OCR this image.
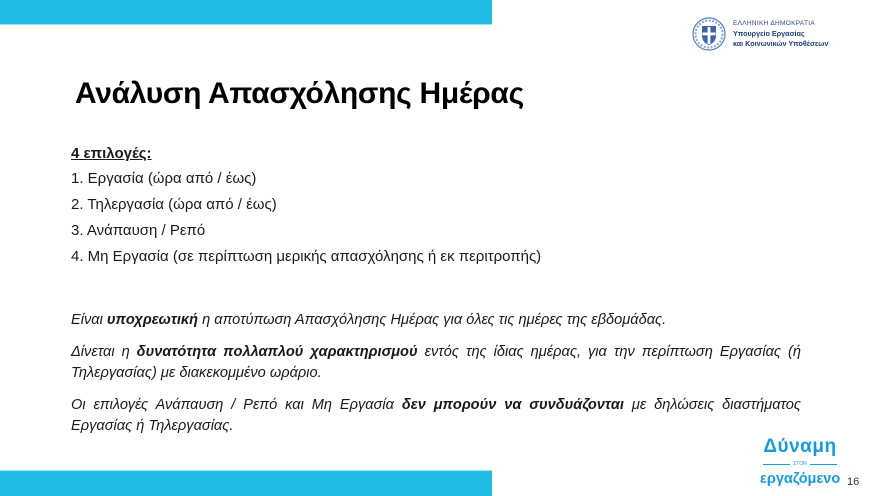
ΕΛΛΗΝΙΚΗ ΔΗΜΟΚΡΑΤΙΑ
Υπουργείο Εργασίας
και Κοινωνικών Υποθέσεων
Ανάλυση Απασχόλησης Ημέρας
4 επιλογές:
1. Εργασία (ώρα από / έως)
2. Τηλεργασία (ώρα από / έως)
3. Ανάπαυση / Ρεπό
4. Μη Εργασία (σε περίπτωση μερικής απασχόλησης ή εκ περιτροπής)

Είναι υποχρεωτική η αποτύπωση Απασχόλησης Ημέρας για όλες τις ημέρες της εβδομάδας.

Δίνεται η δυνατότητα πολλαπλού χαρακτηρισμού εντός της ίδιας ημέρας, για την περίπτωση Εργασίας (ή Τηλεργασίας) με διακεκομμένο ωράριο.

Οι επιλογές Ανάπαυση / Ρεπό και Μη Εργασία δεν μπορούν να συνδυάζονται με δηλώσεις διαστήματος Εργασίας ή Τηλεργασίας.

Δύναμη
ΣΤΟΝ
εργαζόμενο 16
